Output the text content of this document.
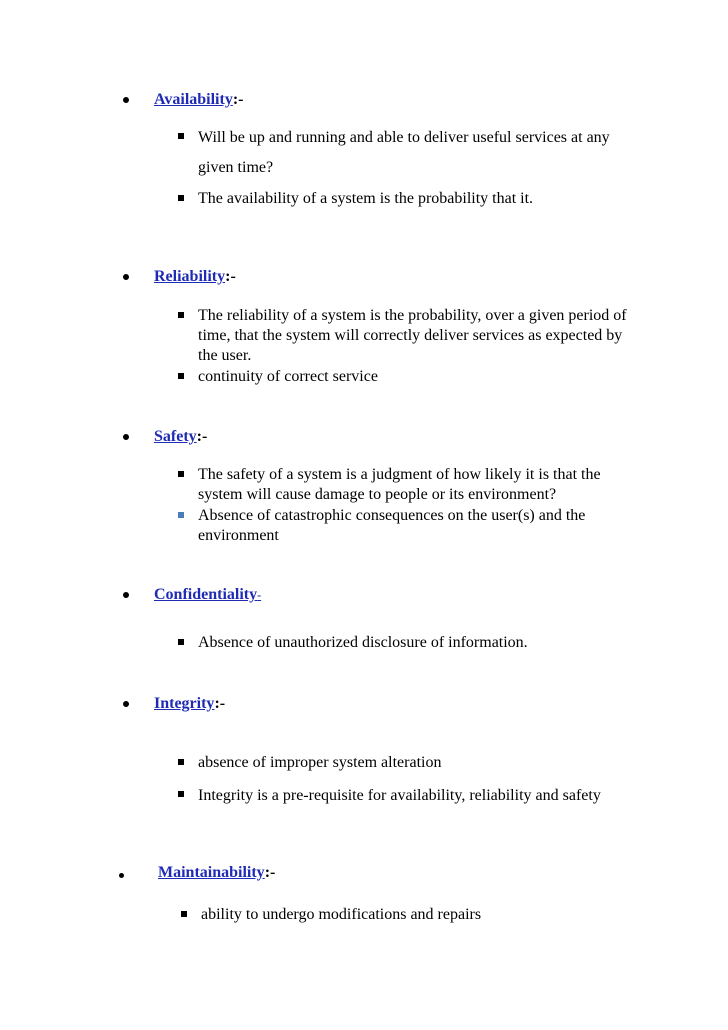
Availability:-
Will be up and running and able to deliver useful services at any given time?
The availability of a system is the probability that it.
Reliability:-
The reliability of a system is the probability, over a given period of time, that the system will correctly deliver services as expected by the user.
continuity of correct service
Safety:-
The safety of a system is a judgment of how likely it is that the system will cause damage to people or its environment?
Absence of catastrophic consequences on the user(s) and the environment
Confidentiality-
Absence of unauthorized disclosure of information.
Integrity:-
absence of improper system alteration
Integrity is a pre-requisite for availability, reliability and safety
Maintainability:-
ability to undergo modifications and repairs
